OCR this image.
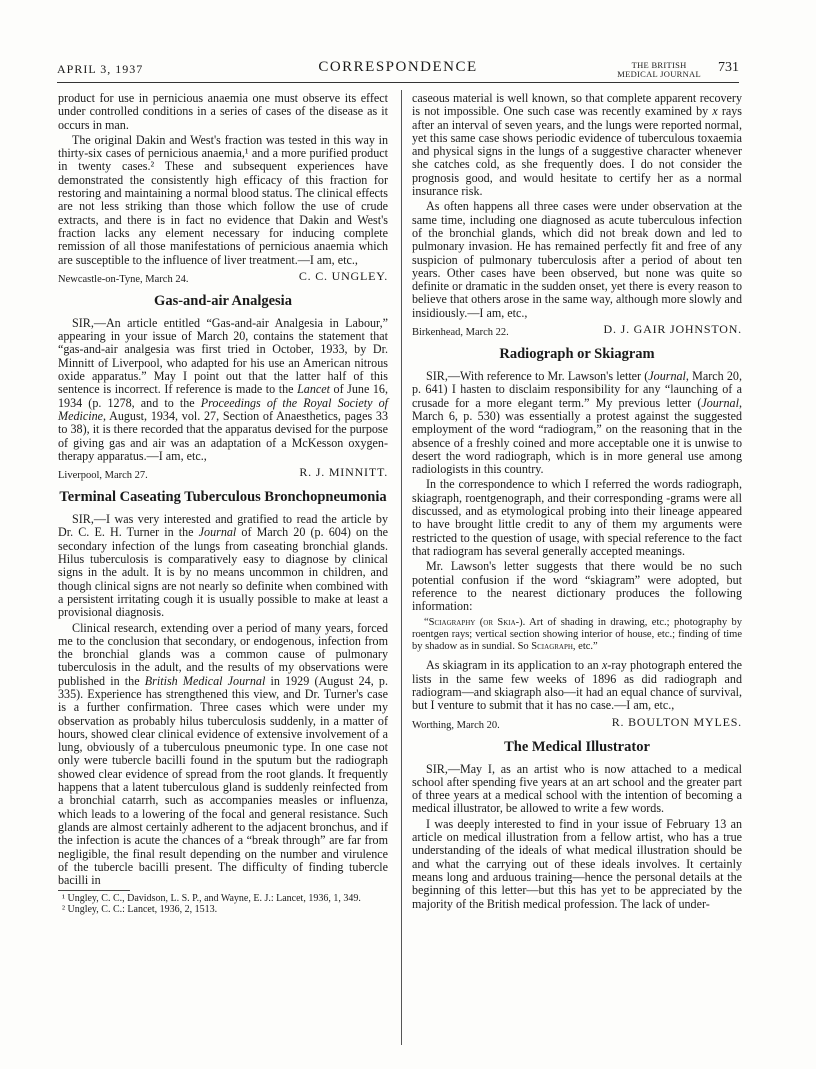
APRIL 3, 1937	CORRESPONDENCE	THE BRITISH
MEDICAL JOURNAL 731

product for use in pernicious anaemia one must observe its effect under controlled conditions in a series of cases of the disease as it occurs in man.

The original Dakin and West's fraction was tested in this way in thirty-six cases of pernicious anaemia,¹ and a more purified product in twenty cases.² These and subsequent experiences have demonstrated the consistently high efficacy of this fraction for restoring and maintaining a normal blood status. The clinical effects are not less striking than those which follow the use of crude extracts, and there is in fact no evidence that Dakin and West's fraction lacks any element necessary for inducing complete remission of all those manifestations of pernicious anaemia which are susceptible to the influence of liver treatment.—I am, etc.,

Newcastle-on-Tyne, March 24.	C. C. UNGLEY.
Gas-and-air Analgesia

SIR,—An article entitled “Gas-and-air Analgesia in Labour,” appearing in your issue of March 20, contains the statement that “gas-and-air analgesia was first tried in October, 1933, by Dr. Minnitt of Liverpool, who adapted for his use an American nitrous oxide apparatus.” May I point out that the latter half of this sentence is incorrect. If reference is made to the Lancet of June 16, 1934 (p. 1278, and to the Proceedings of the Royal Society of Medicine, August, 1934, vol. 27, Section of Anaesthetics, pages 33 to 38), it is there recorded that the apparatus devised for the purpose of giving gas and air was an adaptation of a McKesson oxygen-therapy apparatus.—I am, etc.,

Liverpool, March 27.	R. J. MINNITT.
Terminal Caseating Tuberculous Bronchopneumonia

SIR,—I was very interested and gratified to read the article by Dr. C. E. H. Turner in the Journal of March 20 (p. 604) on the secondary infection of the lungs from caseating bronchial glands. Hilus tuberculosis is comparatively easy to diagnose by clinical signs in the adult. It is by no means uncommon in children, and though clinical signs are not nearly so definite when combined with a persistent irritating cough it is usually possible to make at least a provisional diagnosis.

Clinical research, extending over a period of many years, forced me to the conclusion that secondary, or endogenous, infection from the bronchial glands was a common cause of pulmonary tuberculosis in the adult, and the results of my observations were published in the British Medical Journal in 1929 (August 24, p. 335). Experience has strengthened this view, and Dr. Turner's case is a further confirmation. Three cases which were under my observation as probably hilus tuberculosis suddenly, in a matter of hours, showed clear clinical evidence of extensive involvement of a lung, obviously of a tuberculous pneumonic type. In one case not only were tubercle bacilli found in the sputum but the radiograph showed clear evidence of spread from the root glands. It frequently happens that a latent tuberculous gland is suddenly reinfected from a bronchial catarrh, such as accompanies measles or influenza, which leads to a lowering of the focal and general resistance. Such glands are almost certainly adherent to the adjacent bronchus, and if the infection is acute the chances of a “break through” are far from negligible, the final result depending on the number and virulence of the tubercle bacilli present. The difficulty of finding tubercle bacilli in

¹ Ungley, C. C., Davidson, L. S. P., and Wayne, E. J.: Lancet, 1936, 1, 349.

² Ungley, C. C.: Lancet, 1936, 2, 1513.

caseous material is well known, so that complete apparent recovery is not impossible. One such case was recently examined by x rays after an interval of seven years, and the lungs were reported normal, yet this same case shows periodic evidence of tuberculous toxaemia and physical signs in the lungs of a suggestive character whenever she catches cold, as she frequently does. I do not consider the prognosis good, and would hesitate to certify her as a normal insurance risk.

As often happens all three cases were under observation at the same time, including one diagnosed as acute tuberculous infection of the bronchial glands, which did not break down and led to pulmonary invasion. He has remained perfectly fit and free of any suspicion of pulmonary tuberculosis after a period of about ten years. Other cases have been observed, but none was quite so definite or dramatic in the sudden onset, yet there is every reason to believe that others arose in the same way, although more slowly and insidiously.—I am, etc.,

Birkenhead, March 22.	D. J. GAIR JOHNSTON.
Radiograph or Skiagram

SIR,—With reference to Mr. Lawson's letter (Journal, March 20, p. 641) I hasten to disclaim responsibility for any “launching of a crusade for a more elegant term.” My previous letter (Journal, March 6, p. 530) was essentially a protest against the suggested employment of the word “radiogram,” on the reasoning that in the absence of a freshly coined and more acceptable one it is unwise to desert the word radiograph, which is in more general use among radiologists in this country.

In the correspondence to which I referred the words radiograph, skiagraph, roentgenograph, and their corresponding -grams were all discussed, and as etymological probing into their lineage appeared to have brought little credit to any of them my arguments were restricted to the question of usage, with special reference to the fact that radiogram has several generally accepted meanings.

Mr. Lawson's letter suggests that there would be no such potential confusion if the word “skiagram” were adopted, but reference to the nearest dictionary produces the following information:

“Sciagraphy (or Skia-). Art of shading in drawing, etc.; photography by roentgen rays; vertical section showing interior of house, etc.; finding of time by shadow as in sundial. So Sciagraph, etc.”

As skiagram in its application to an x-ray photograph entered the lists in the same few weeks of 1896 as did radiograph and radiogram—and skiagraph also—it had an equal chance of survival, but I venture to submit that it has no case.—I am, etc.,

Worthing, March 20.	R. BOULTON MYLES.
The Medical Illustrator

SIR,—May I, as an artist who is now attached to a medical school after spending five years at an art school and the greater part of three years at a medical school with the intention of becoming a medical illustrator, be allowed to write a few words.

I was deeply interested to find in your issue of February 13 an article on medical illustration from a fellow artist, who has a true understanding of the ideals of what medical illustration should be and what the carrying out of these ideals involves. It certainly means long and arduous training—hence the personal details at the beginning of this letter—but this has yet to be appreciated by the majority of the British medical profession. The lack of under-
